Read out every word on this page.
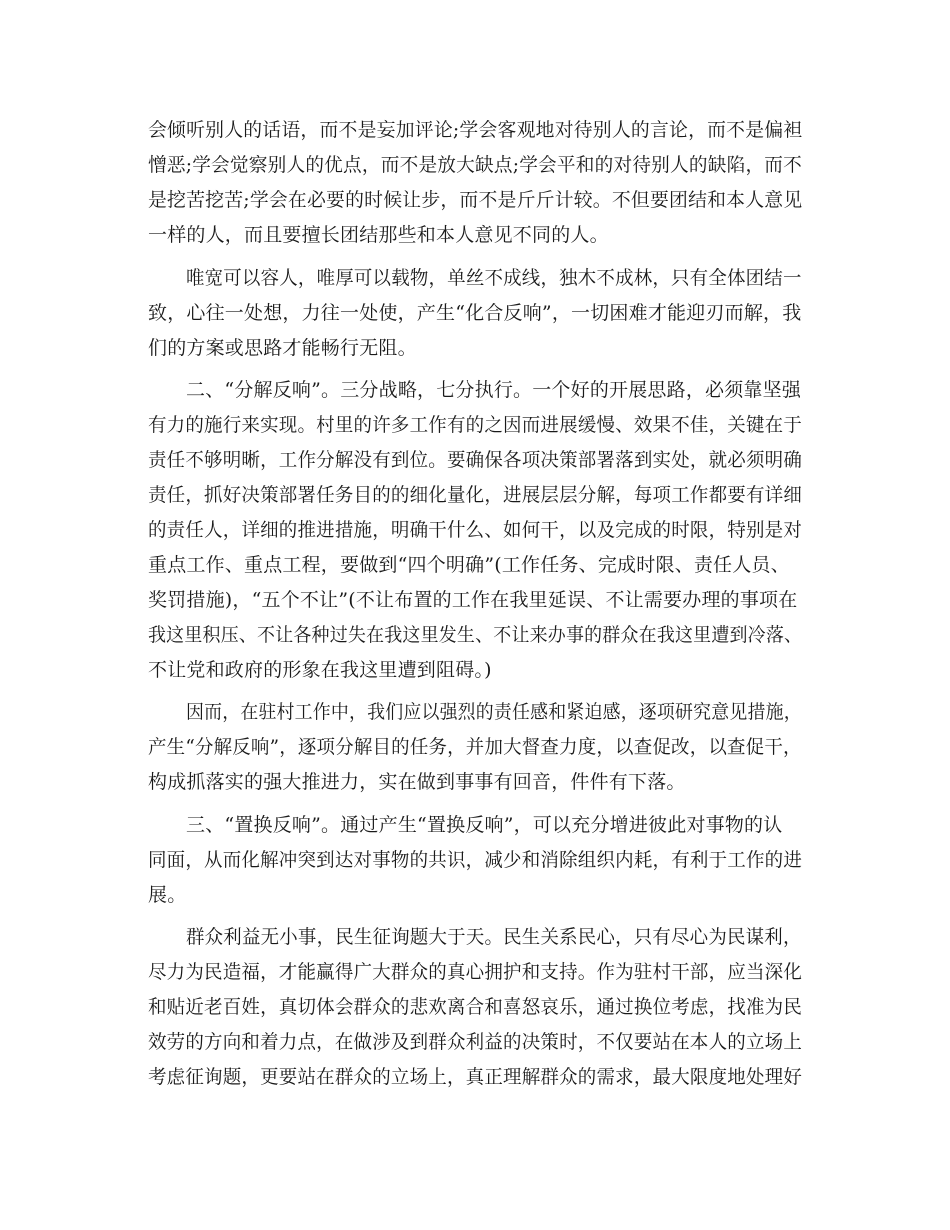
会倾听别人的话语，而不是妄加评论;学会客观地对待别人的言论，而不是偏袒
憎恶;学会觉察别人的优点，而不是放大缺点;学会平和的对待别人的缺陷，而不
是挖苦挖苦;学会在必要的时候让步，而不是斤斤计较。不但要团结和本人意见
一样的人，而且要擅长团结那些和本人意见不同的人。
唯宽可以容人，唯厚可以载物，单丝不成线，独木不成林，只有全体团结一
致，心往一处想，力往一处使，产生“化合反响”，一切困难才能迎刃而解，我
们的方案或思路才能畅行无阻。
二、“分解反响”。三分战略，七分执行。一个好的开展思路，必须靠坚强
有力的施行来实现。村里的许多工作有的之因而进展缓慢、效果不佳，关键在于
责任不够明晰，工作分解没有到位。要确保各项决策部署落到实处，就必须明确
责任，抓好决策部署任务目的的细化量化，进展层层分解，每项工作都要有详细
的责任人，详细的推进措施，明确干什么、如何干，以及完成的时限，特别是对
重点工作、重点工程，要做到“四个明确”(工作任务、完成时限、责任人员、
奖罚措施)，“五个不让”(不让布置的工作在我里延误、不让需要办理的事项在
我这里积压、不让各种过失在我这里发生、不让来办事的群众在我这里遭到冷落、
不让党和政府的形象在我这里遭到阻碍。)
因而，在驻村工作中，我们应以强烈的责任感和紧迫感，逐项研究意见措施，
产生“分解反响”，逐项分解目的任务，并加大督查力度，以查促改，以查促干，
构成抓落实的强大推进力，实在做到事事有回音，件件有下落。
三、“置换反响”。通过产生“置换反响”，可以充分增进彼此对事物的认
同面，从而化解冲突到达对事物的共识，减少和消除组织内耗，有利于工作的进
展。
群众利益无小事，民生征询题大于天。民生关系民心，只有尽心为民谋利，
尽力为民造福，才能赢得广大群众的真心拥护和支持。作为驻村干部，应当深化
和贴近老百姓，真切体会群众的悲欢离合和喜怒哀乐，通过换位考虑，找准为民
效劳的方向和着力点，在做涉及到群众利益的决策时，不仅要站在本人的立场上
考虑征询题，更要站在群众的立场上，真正理解群众的需求，最大限度地处理好
